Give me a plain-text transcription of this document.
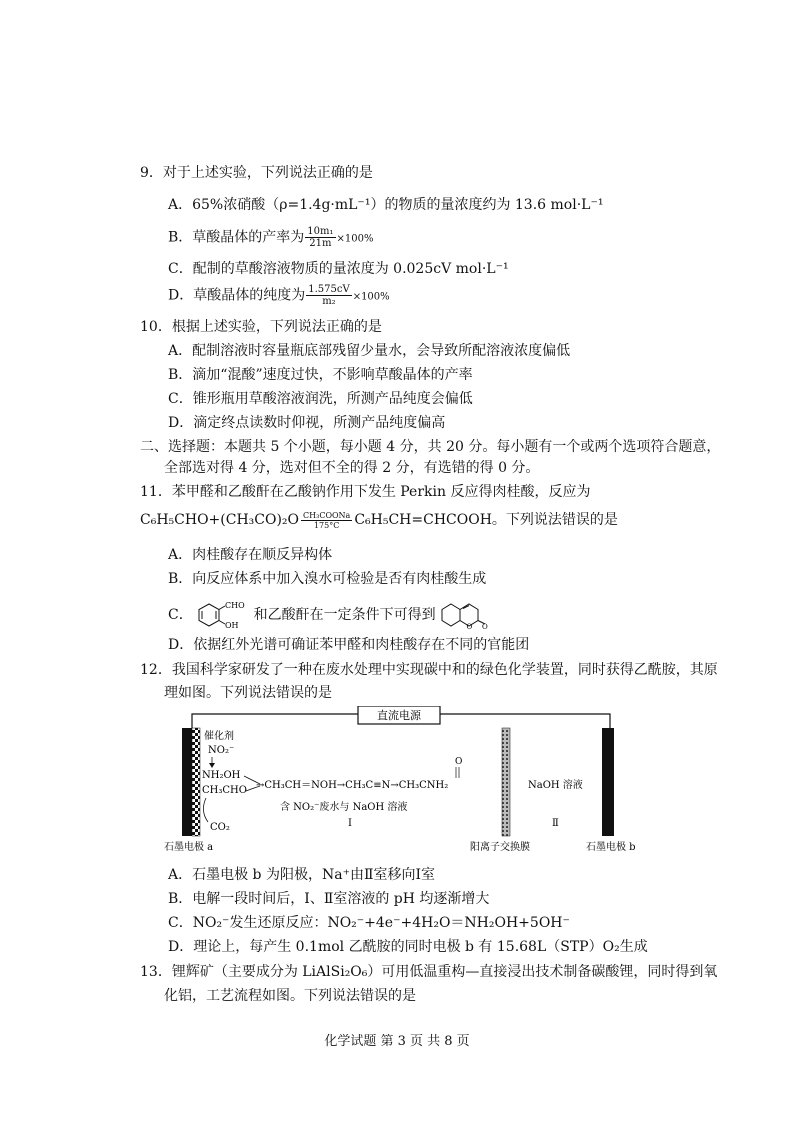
9．对于上述实验，下列说法正确的是
A．65%浓硝酸（ρ=1.4g·mL⁻¹）的物质的量浓度约为 13.6 mol·L⁻¹
B．草酸晶体的产率为 $\frac{\text{10m₁}}{21m} \times 100\%$
C．配制的草酸溶液物质的量浓度为 0.025cV mol·L⁻¹
D．草酸晶体的纯度为 $\frac{1.575cV}{\text{m₂}} \times 100\%$
10．根据上述实验，下列说法正确的是
A．配制溶液时容量瓶底部残留少量水，会导致所配溶液浓度偏低
B．滴加“混酸”速度过快，不影响草酸晶体的产率
C．锥形瓶用草酸溶液润洗，所测产品纯度会偏低
D．滴定终点读数时仰视，所测产品纯度偏高
二、选择题：本题共 5 个小题，每小题 4 分，共 20 分。每小题有一个或两个选项符合题意，
全部选对得 4 分，选对但不全的得 2 分，有选错的得 0 分。
11．苯甲醛和乙酸酐在乙酸钠作用下发生 Perkin 反应得肉桂酸，反应为
C₆H₅CHO+(CH₃CO)₂O CH₃COONa
175°C	C₆H₅CH=CHCOOH。下列说法错误的是
A．肉桂酸存在顺反异构体
B．向反应体系中加入溴水可检验是否有肉桂酸生成
C．
CHO
OH
和乙酸酐在一定条件下可得到
O O
D．依据红外光谱可确证苯甲醛和肉桂酸存在不同的官能团
12．我国科学家研发了一种在废水处理中实现碳中和的绿色化学装置，同时获得乙酰胺，其原
理如图。下列说法错误的是
直流电源
催化剂
NO₂⁻
NH₂OH
CH₃CHO
CO₂
→CH₃CH＝NOH→CH₃C≡N→CH₃CNH₂
O
NaOH 溶液
含 NO₂⁻废水与 NaOH 溶液
Ⅰ	Ⅱ
石墨电极 a	阳离子交换膜	石墨电极 b
A．石墨电极 b 为阳极，Na⁺由Ⅱ室移向Ⅰ室
B．电解一段时间后，Ⅰ、Ⅱ室溶液的 pH 均逐渐增大
C．NO₂⁻发生还原反应：NO₂⁻+4e⁻+4H₂O＝NH₂OH+5OH⁻
D．理论上，每产生 0.1mol 乙酰胺的同时电极 b 有 15.68L（STP）O₂生成
13．锂辉矿（主要成分为 LiAlSi₂O₆）可用低温重构—直接浸出技术制备碳酸锂，同时得到氧
化铝，工艺流程如图。下列说法错误的是
化学试题 第 3 页 共 8 页
